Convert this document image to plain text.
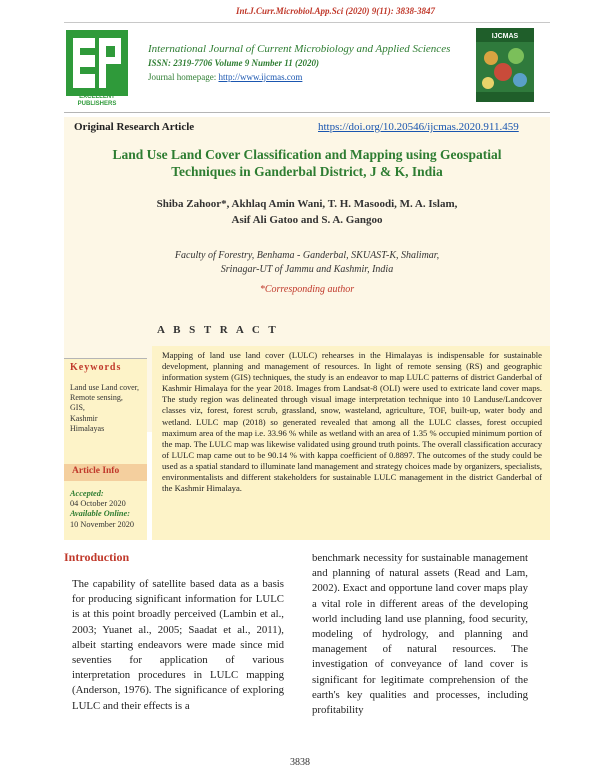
Int.J.Curr.Microbiol.App.Sci (2020) 9(11): 3838-3847
EXCELLENT
PUBLISHERS
International Journal of Current Microbiology and Applied Sciences
ISSN: 2319-7706 Volume 9 Number 11 (2020)
Journal homepage: http://www.ijcmas.com
IJCMAS
Original Research Article	https://doi.org/10.20546/ijcmas.2020.911.459
Land Use Land Cover Classification and Mapping using Geospatial
Techniques in Ganderbal District, J & K, India
Shiba Zahoor*, Akhlaq Amin Wani, T. H. Masoodi, M. A. Islam,
Asif Ali Gatoo and S. A. Gangoo
Faculty of Forestry, Benhama - Ganderbal, SKUAST-K, Shalimar,
Srinagar-UT of Jammu and Kashmir, India
*Corresponding author
A B S T R A C T
Keywords
Land use Land cover,
Remote sensing,
GIS,
Kashmir
Himalayas
Article Info
Accepted:
04 October 2020
Available Online:
10 November 2020
Mapping of land use land cover (LULC) rehearses in the Himalayas is indispensable for sustainable development, planning and management of resources. In light of remote sensing (RS) and geographic information system (GIS) techniques, the study is an endeavor to map LULC patterns of district Ganderbal of Kashmir Himalaya for the year 2018. Images from Landsat-8 (OLI) were used to extricate land cover maps. The study region was delineated through visual image interpretation technique into 10 Landuse/Landcover classes viz, forest, forest scrub, grassland, snow, wasteland, agriculture, TOF, built-up, water body and wetland. LULC map (2018) so generated revealed that among all the LULC classes, forest occupied maximum area of the map i.e. 33.96 % while as wetland with an area of 1.35 % occupied minimum portion of the map. The LULC map was likewise validated using ground truth points. The overall classification accuracy of LULC map came out to be 90.14 % with kappa coefficient of 0.8897. The outcomes of the study could be used as a spatial standard to illuminate land management and strategy choices made by organizers, specialists, environmentalists and different stakeholders for sustainable LULC management in the district Ganderbal of the Kashmir Himalaya.
Introduction
The capability of satellite based data as a basis for producing significant information for LULC is at this point broadly perceived (Lambin et al., 2003; Yuanet al., 2005; Saadat et al., 2011), albeit starting endeavors were made since mid seventies for application of various interpretation procedures in LULC mapping (Anderson, 1976). The significance of exploring LULC and their effects is a
benchmark necessity for sustainable management and planning of natural assets (Read and Lam, 2002). Exact and opportune land cover maps play a vital role in different areas of the developing world including land use planning, food security, modeling of hydrology, and planning and management of natural resources. The investigation of conveyance of land cover is significant for legitimate comprehension of the earth's key qualities and processes, including profitability
3838
